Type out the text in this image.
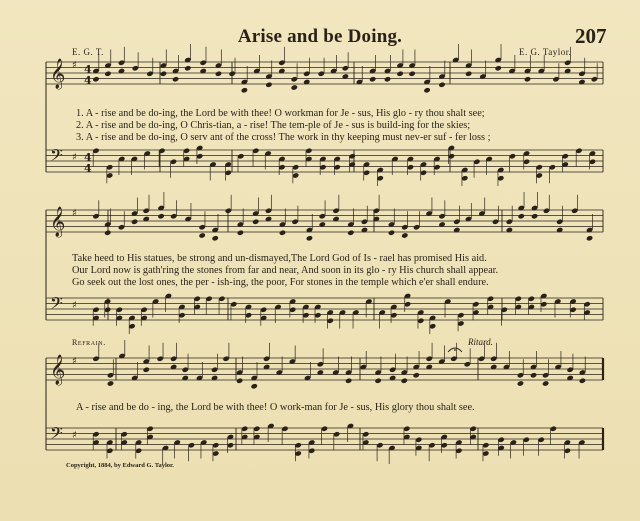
Arise and be Doing.	207
E. G. T.	E. G. Taylor.
𝄞 ♯
𝄢 ♯
4
4
4
4
𝄞 ♯
𝄢 ♯
𝄞 ♯
𝄢 ♯
1. A - rise and be do-ing, the Lord be with thee! O workman for Je - sus, His glo - ry thou shalt see;
2. A - rise and be do-ing, O Chris-tian, a - rise! The tem-ple of Je - sus is build-ing for the skies;
3. A - rise and be do-ing, O serv ant of the cross! The work in thy keeping must nev-er suf - fer loss ;
Take heed to His statues, be strong and un-dismayed,The Lord God of Is - rael has promised His aid.
Our Lord now is gath'ring the stones from far and near, And soon in its glo - ry His church shall appear.
Go seek out the lost ones, the per - ish-ing, the poor, For stones in the temple which e'er shall endure.
Refrain.	Ritard.
A - rise and be do - ing, the Lord be with thee! O work-man for Je - sus, His glory thou shalt see.
Copyright, 1884, by Edward G. Taylor.
